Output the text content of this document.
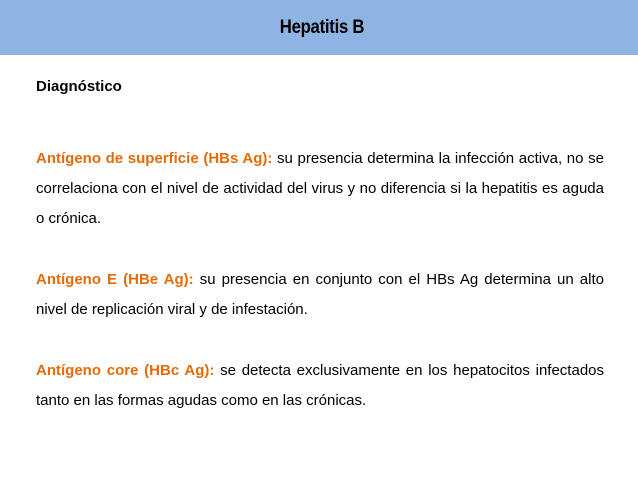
Hepatitis B

Diagnóstico

Antígeno de superficie (HBs Ag): su presencia determina la infección activa, no se correlaciona con el nivel de actividad del virus y no diferencia si la hepatitis es aguda o crónica.

Antígeno E (HBe Ag): su presencia en conjunto con el HBs Ag determina un alto nivel de replicación viral y de infestación.

Antígeno core (HBc Ag): se detecta exclusivamente en los hepatocitos infectados tanto en las formas agudas como en las crónicas.
